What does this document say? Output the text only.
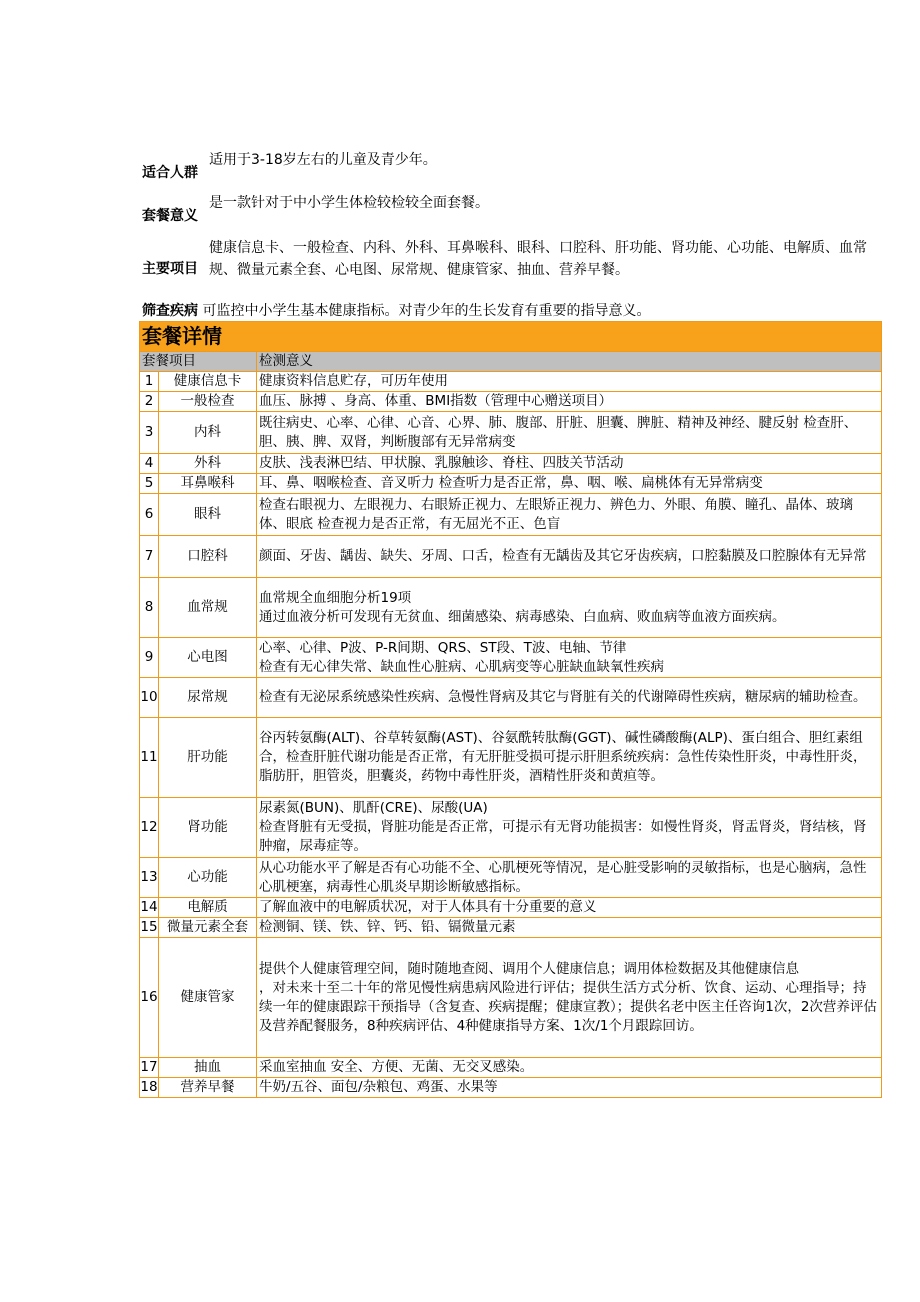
适合人群
适用于3-18岁左右的儿童及青少年。
套餐意义
是一款针对于中小学生体检较检较全面套餐。
主要项目
健康信息卡、一般检查、内科、外科、耳鼻喉科、眼科、口腔科、肝功能、肾功能、心功能、电解质、血常规、微量元素全套、心电图、尿常规、健康管家、抽血、营养早餐。
筛查疾病 可监控中小学生基本健康指标。对青少年的生长发育有重要的指导意义。
套餐详情		
套餐项目		检测意义
1	健康信息卡	健康资料信息贮存，可历年使用
2	一般检查	血压、脉搏 、身高、体重、BMI指数（管理中心赠送项目）
3	内科	既往病史、心率、心律、心音、心界、肺、腹部、肝脏、胆囊、脾脏、精神及神经、腱反射 检查肝、胆、胰、脾、双肾，判断腹部有无异常病变
4	外科	皮肤、浅表淋巴结、甲状腺、乳腺触诊、脊柱、四肢关节活动
5	耳鼻喉科	耳、鼻、咽喉检查、音叉听力 检查听力是否正常，鼻、咽、喉、扁桃体有无异常病变
6	眼科	检查右眼视力、左眼视力、右眼矫正视力、左眼矫正视力、辨色力、外眼、角膜、瞳孔、晶体、玻璃体、眼底 检查视力是否正常，有无屈光不正、色盲
7	口腔科	颜面、牙齿、龋齿、缺失、牙周、口舌，检查有无龋齿及其它牙齿疾病，口腔黏膜及口腔腺体有无异常
8	血常规	血常规全血细胞分析19项
通过血液分析可发现有无贫血、细菌感染、病毒感染、白血病、败血病等血液方面疾病。
9	心电图	心率、心律、P波、P-R间期、QRS、ST段、T波、电轴、节律
检查有无心律失常、缺血性心脏病、心肌病变等心脏缺血缺氧性疾病
10	尿常规	检查有无泌尿系统感染性疾病、急慢性肾病及其它与肾脏有关的代谢障碍性疾病，糖尿病的辅助检查。
11	肝功能	谷丙转氨酶(ALT)、谷草转氨酶(AST)、谷氨酰转肽酶(GGT)、碱性磷酸酶(ALP)、蛋白组合、胆红素组合，检查肝脏代谢功能是否正常，有无肝脏受损可提示肝胆系统疾病：急性传染性肝炎，中毒性肝炎，脂肪肝，胆管炎，胆囊炎，药物中毒性肝炎，酒精性肝炎和黄疸等。
12	肾功能	尿素氮(BUN)、肌酐(CRE)、尿酸(UA)
检查肾脏有无受损，肾脏功能是否正常，可提示有无肾功能损害：如慢性肾炎，肾盂肾炎，肾结核，肾肿瘤，尿毒症等。
13	心功能	从心功能水平了解是否有心功能不全、心肌梗死等情况，是心脏受影响的灵敏指标，也是心脑病，急性心肌梗塞，病毒性心肌炎早期诊断敏感指标。
14	电解质	了解血液中的电解质状况，对于人体具有十分重要的意义
15	微量元素全套	检测铜、镁、铁、锌、钙、铅、镉微量元素
16	健康管家	提供个人健康管理空间，随时随地查阅、调用个人健康信息；调用体检数据及其他健康信息
，对未来十至二十年的常见慢性病患病风险进行评估；提供生活方式分析、饮食、运动、心理指导；持续一年的健康跟踪干预指导（含复查、疾病提醒；健康宣教）；提供名老中医主任咨询1次，2次营养评估及营养配餐服务，8种疾病评估、4种健康指导方案、1次/1个月跟踪回访。
17	抽血	采血室抽血 安全、方便、无菌、无交叉感染。
18	营养早餐	牛奶/五谷、面包/杂粮包、鸡蛋、水果等
